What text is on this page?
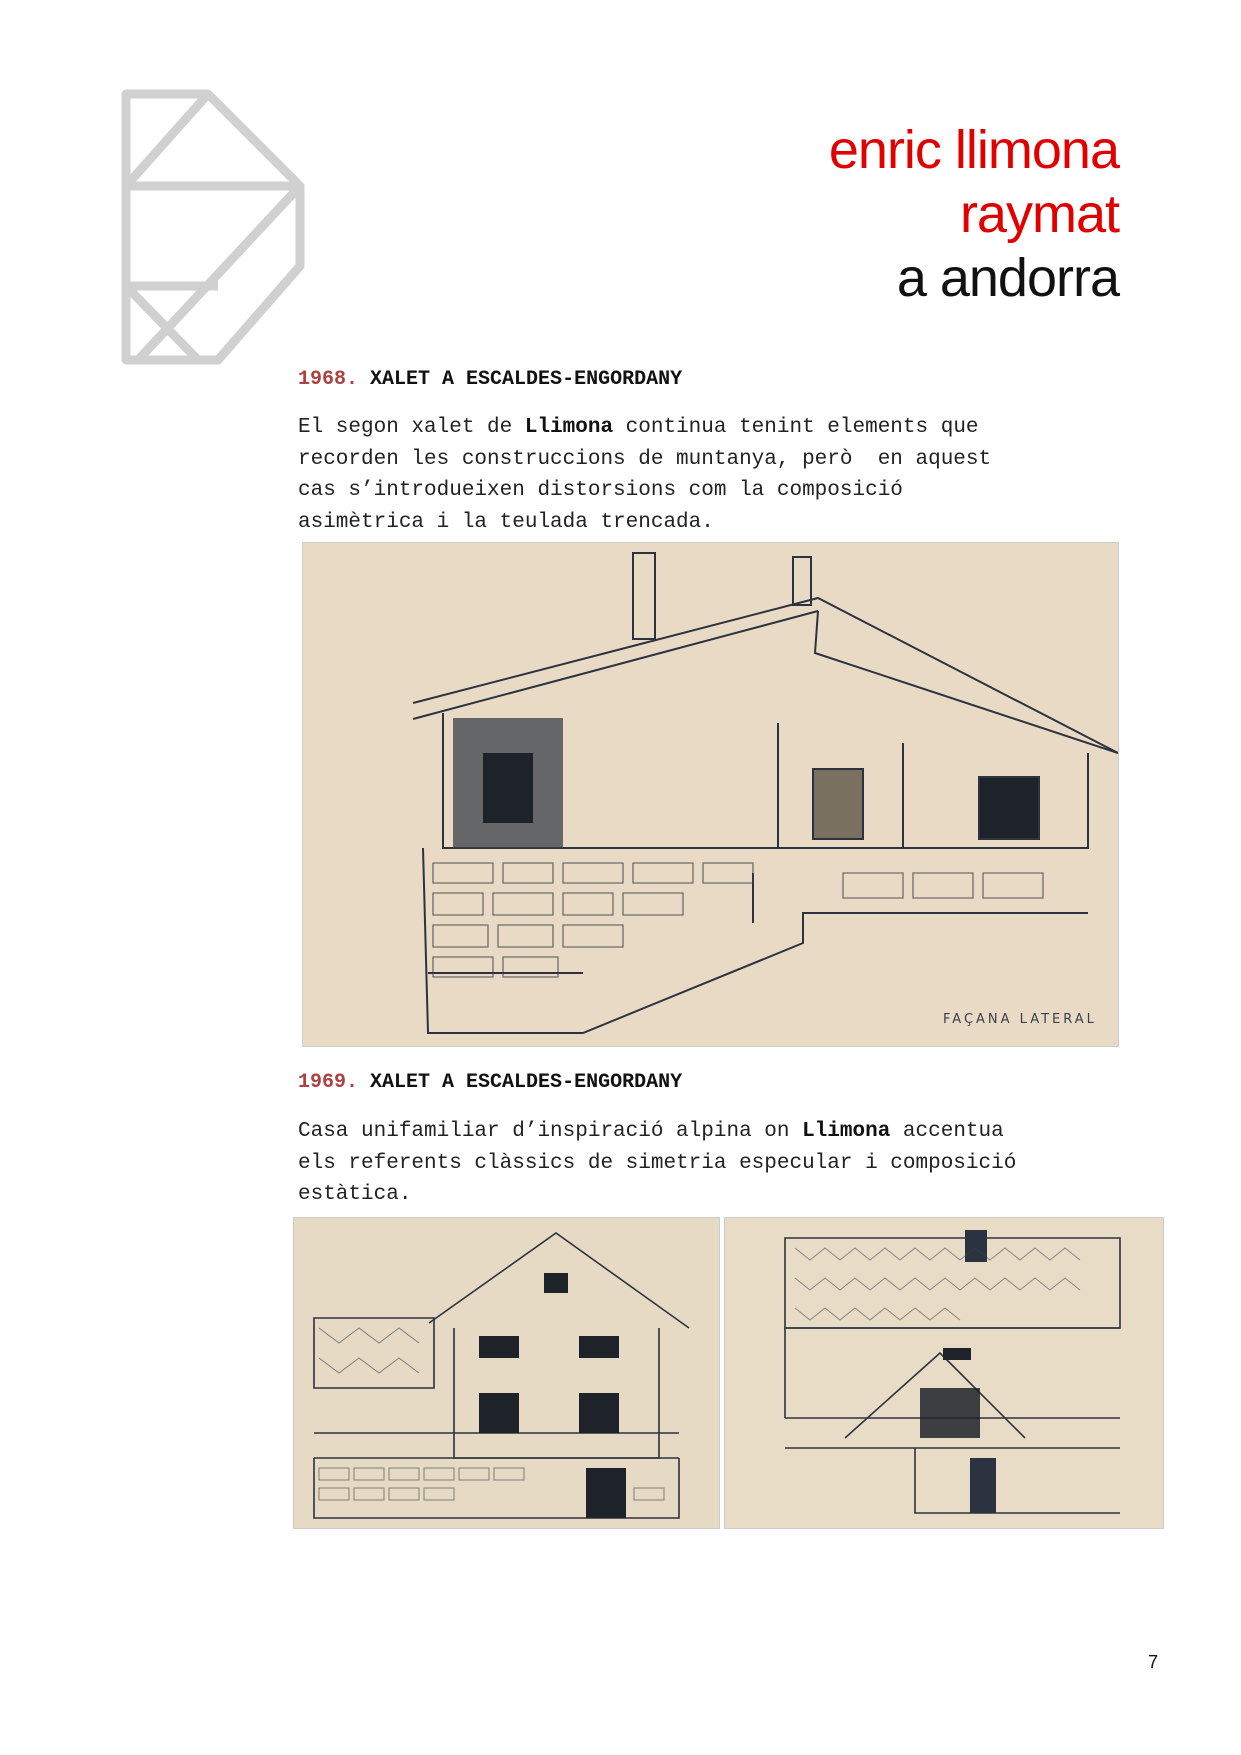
enric llimona
raymat
a andorra
1968. XALET A ESCALDES-ENGORDANY
El segon xalet de Llimona continua tenint elements que
recorden les construccions de muntanya, però  en aquest
cas s’introdueixen distorsions com la composició
asimètrica i la teulada trencada.
FAÇANA LATERAL
1969. XALET A ESCALDES-ENGORDANY
Casa unifamiliar d’inspiració alpina on Llimona accentua
els referents clàssics de simetria especular i composició
estàtica.
7
